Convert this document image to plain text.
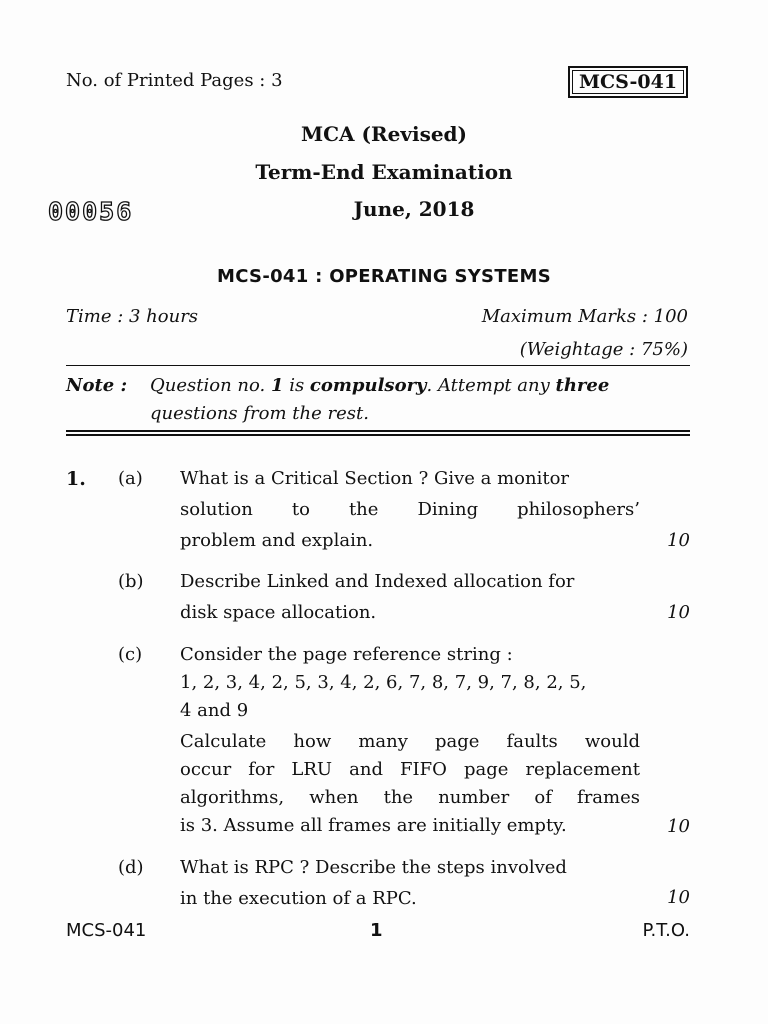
No. of Printed Pages : 3	MCS-041
MCA (Revised)
Term-End Examination
June, 2018
00056
MCS-041 : OPERATING SYSTEMS
Time : 3 hours	Maximum Marks : 100
(Weightage : 75%)
Note : Question no. 1 is compulsory. Attempt any three
questions from the rest.
1. (a) What is a Critical Section ? Give a monitor
solution to the Dining philosophers’
problem and explain.	10
(b) Describe Linked and Indexed allocation for
disk space allocation.	10
(c) Consider the page reference string :
1, 2, 3, 4, 2, 5, 3, 4, 2, 6, 7, 8, 7, 9, 7, 8, 2, 5,
4 and 9
Calculate how many page faults would
occur for LRU and FIFO page replacement
algorithms, when the number of frames
is 3. Assume all frames are initially empty.	10
(d) What is RPC ? Describe the steps involved
in the execution of a RPC.	10
MCS-041	1	P.T.O.
